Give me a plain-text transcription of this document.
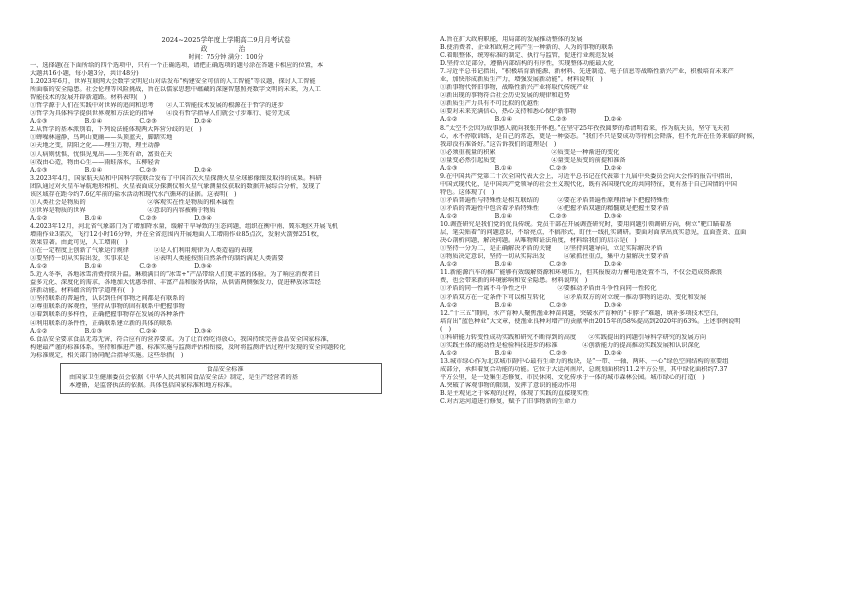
2024~2025学年度上学期高二9月月考试卷
政　　治
时间：75分钟 满分：100分
一、选择题(在下面所给的四个选项中，只有一个正确选项，请把正确选项的题号涂在答题卡相应的位置，本
大题共16小题，每小题3分，共计48分)
1.2023年6月，世界互联网大会数字文明尼山对话发布“构建安全可信的人工智能”等议题，探讨人工智能
所面临的安全隐患。社会伦理等风险挑战，旨在以儒家思想中蕴藏的深邃智慧照亮数字文明的未来，为人工
智能技术的发展开辟新道路。材料表明(　)
①哲学源于人们在实践中对世界的追问和思考　　②人工智能技术发展的根源在于哲学的进步
③哲学为具体科学提供世界观和方法论的指导　　④没有哲学指导人们就会寸步难行、徒劳无成
A.①③　　　　　　B.①④　　　　　　C.②③　　　　　　D.②④
2.从哲学的基本派别看，下列说法能体现两大阵营分歧的是(　)
①蝉噪林逾静，鸟鸣山更幽——头顶蓝天，脚踏实地
②天地之变，阴阳之化——理生万物，理主动静
③人病则忧惧，忧惧见鬼出——生死有命，富贵在天
④戏由心造，物由心生——雨蛙落水，五柳轻舍
A.①③　　　　　　B.①④　　　　　　C.②③　　　　　　D.②④
3.2023年4月，国家航天局和中国科学院联合发布了中国首次火星探测火星全球影像图及取得的成果。科研
团队通过对火星车导航地形相机、火星表面成分探测仪和火星气象测量仪获取的数据开展综合分析，发现了
该区域存在距今约7.6亿年前的盐水活动和现代水汽循环的证据。这表明(　)
①人类社会是物质的　　　　　　　　　　②客观实在性是物质的根本属性
③世界是物质的世界　　　　　　　　　　④意识的内容被赖于物质
A.①②　　　　　　B.①④　　　　　　C.②③　　　　　　D.③④
4.2023年12月，河北省气象部门为了增加降水量，缓解干旱导致的生态问题，组织在衡中南、冀东地区开展飞机
增雨作业3架次，飞行12小时16分钟，并在全省范围内开展地面人工增雨作业85点次，发射火箭弹251枚，
效果显著。由此可见，人工增雨(　)
①在一定程度上创新了气象运行规律　　　　②是人们利用规律为人类造福的表现
③要坚持一切从实际出发，实事求是　　　　④表明人类能按照自然条件的制约满足人类需要
A.①②　　　　　　B.①④　　　　　　C.②③　　　　　　D.③④
5.近入冬季，各地冰雪消费持续升温。琳琅满目的“冰雪+”产品带给人们更丰富的体验。为了响应消费者日
益多元化、深度化的需求，各地加大优惠举措、丰富产品和服务供给，从供需两侧强发力，促进释放冰雪经
济新动能。材料蕴含的哲学道理有(　)
①坚持联系的普遍性，认识到任何事物之间都是有联系的
②尊重联系的客观性，坚持从事物的固有联系中把握事物
③着到联系的多样性，正确把握事物存在发展的各种条件
④利用联系的条件性，正确联系建立新的具体的联系
A.①②　　　　　　B.①③　　　　　　C.②④　　　　　　D.③④
6.食品安全要求食品无毒无害，符合应有的营养要求。为了让百姓吃得放心，我国持续完善食品安全国家标准，
构建最严谨的标准体系，坚持和推进严谨、标准实施与监测评估相衔接，及时将监测评估过程中发现的安全问题转化
为标准规定，相关部门协同配合指导实施。这些举措(　)
食品安全标准
由国家卫生健康委员会依据《中华人民共和国食品安全法》制定，是生产经营者的基
本遵循，是监督执法的依据。具体包括国家标准和地方标准。
A.旨在扩大政府职能，用局部的发展推动整体的发展
B.使消费者、企业和政府之间产生一种新的、人为的事物的联系
C.着眼整体，统筹标准的制定、执行与监管，促进行业规范发展
D.坚持立足部分，遵循内部结构的有序性，实现整体功能最大化
7.习近平总书记指出，“积极培育新能源、新材料、先进制造、电子信息等战略性新兴产业，积极培育未来产
业，加快形成新质生产力，增强发展新动能”。材料说明(　)
①新事物代替旧事物，战略性新兴产业将取代传统产业
②新出现的事物符合社会历史发展的规律和趋势
③新质生产力具有不可比拟的优越性
④要对未来充满信心，热心支持和悉心保护新事物
A.①②　　　　　　B.①④　　　　　　C.②③　　　　　　D.②④
8.“太空不会因为故事感人就向我张开怀抱。”在坚守25年孜孜圆梦的希清明看来，作为航天员，坚守飞天初
心，永不停歇训练，是自己的常态，更是一种姿态。“我们不只是要成功等待机会降落，但不允许在任务来临的时候，
我却没有准备好。”这告诉我们的道理是(　)
①必须重视量的积累　　　　　　　　　②质变是一种渐进的变化
③量变必然引起质变　　　　　　　　　④量变是质变的前提和准备
A.①③　　　　　　B.①④　　　　　　C.②③　　　　　　D.②④
9.在中国共产党第二十次全国代表大会上，习近平总书记在代表第十九届中央委员会向大会作的报告中指出，
中国式现代化，是中国共产党领导的社会主义现代化，既有各国现代化的共同特征，更有基于自己国情的中国
特色。这体现了(　)
①矛盾普遍性与特殊性是相互联结的　　　②要在矛盾普遍性原理指导下把握特殊性
③矛盾的普遍性中包含着矛盾特殊性　　　④把握矛盾双题的精髓就是把握主要矛盾
A.①②　　　　　　B.①④　　　　　　C.②③　　　　　　D.③④
10.调查研究是我们党的优良传统。党员干部在开展调查研究时，要用问题引领调研方向，树立“靶口瞄着基
层，笔尖贴着”的问题意识，不给亮点，不搞形式，盯住一线扎实调研。要面对面拿出真实意见，直面查贪、直面
决心剖析问题，解决问题。从唯物辩证法角度，材料给我们的启示是(　)
①坚持一分为二，是正确解决矛盾的关键　　②坚持问题导向，立足实际解决矛盾
③物质决定意识，坚持一切从实际出发　　　④紧抓住重点，集中力量解决主要矛盾
A.①②　　　　　　B.①④　　　　　　C.②③　　　　　　D.②④
11.新能源汽车的推广能够有效缓解资源和环境压力，但其报废动力蓄电池处置不当，不仅会造成资源浪
费，也会带来新的环境影响和安全隐患。材料说明(　)
①矛盾的同一性离不斗争性之中　　　　　②要推动矛盾由斗争性向同一性转化
③矛盾双方在一定条件下可以相互转化　　　④矛盾双方的对立统一推动事物的运动、变化和发展
A.①②　　　　　　B.①④　　　　　　C.②③　　　　　　D.③④
12.“十三五”期间，水产育种人聚焦渔业种苗问题，突破水产育种的“卡脖子”难题，填补多项技术空白，
培育出“蓝色种业”大文章，使渔业良种对增产的贡献率由2015年的58%提高到2020年的63%。上述事例说明
(　)
①科研能力转变性成功实践和研究不断得到的高度　　②实践提出的问题引导科学研究的发展方向
③实践主体的能动性是检验科技进步的标准　　　　④创新能力的提高推动实践发展和认识深化
A.①②　　　　　　B.①④　　　　　　C.②③　　　　　　D.②④
13.城市绿心作为北京城市副中心最有生命力的板块，是“一带、一轴、两环、一心”绿色空间结构的重要组
成部分，承担着复合功能的功能。它位于大运河南岸，总规划面积约11.2平方公里，其中绿化面积约7.37
平方公里，是一处集生态修复、市民休闲、文化传承于一体的城市森林公园。城市绿心的打造(　)
A.突破了客观事物的限制，发挥了意识的能动作用
B.是主观见之于客观的过程，体现了实践的直接现实性
C.对古运河道进行修复，赋予了旧事物新的生命力
